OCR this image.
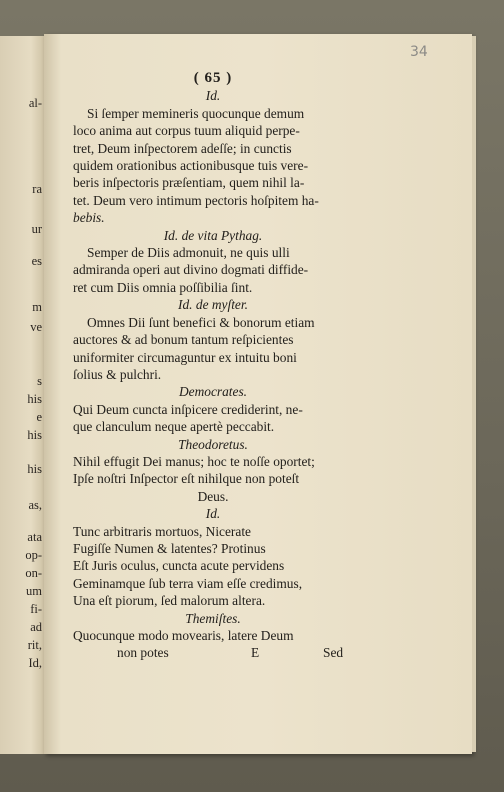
al-
ra
ur
es
m
ve
s
his
e
his
his
as,
ata
op-
on-
um
fi-
ad
rit,
Id,
34
( 65 )
Id.
Si ſemper memineris quocunque demum
loco anima aut corpus tuum aliquid perpe-
tret, Deum inſpectorem adeſſe; in cunctis
quidem orationibus actionibusque tuis vere-
beris inſpectoris præſentiam, quem nihil la-
tet. Deum vero intimum pectoris hoſpitem ha-
bebis.
Id. de vita Pythag.
Semper de Diis admonuit, ne quis ulli
admiranda operi aut divino dogmati diffide-
ret cum Diis omnia poſſibilia ſint.
Id. de myſter.
Omnes Dii ſunt benefici & bonorum etiam
auctores & ad bonum tantum reſpicientes
uniformiter circumaguntur ex intuitu boni
ſolius & pulchri.
Democrates.
Qui Deum cuncta inſpicere crediderint, ne-
que clanculum neque apertè peccabit.
Theodoretus.
Nihil effugit Dei manus; hoc te noſſe oportet;
Ipſe noſtri Inſpector eſt nihilque non poteſt
Deus.
Id.
Tunc arbitraris mortuos, Nicerate
Fugiſſe Numen & latentes? Protinus
Eſt Juris oculus, cuncta acute pervidens
Geminamque ſub terra viam eſſe credimus,
Una eſt piorum, ſed malorum altera.
Themiſtes.
Quocunque modo movearis, latere Deum
non potes	E	Sed
